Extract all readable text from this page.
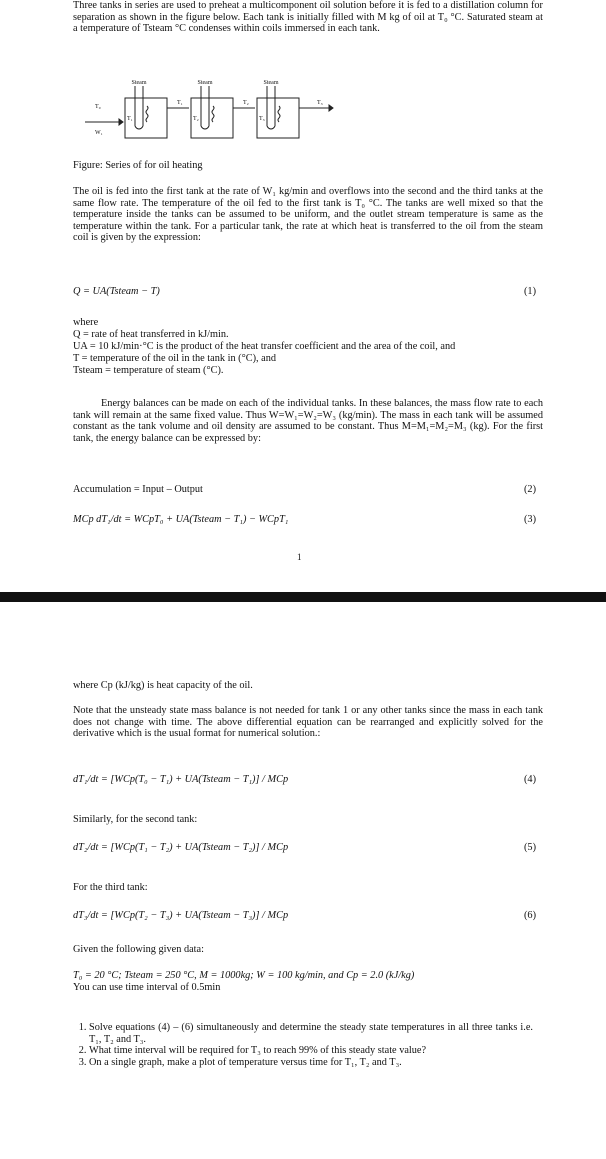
Three tanks in series are used to preheat a multicomponent oil solution before it is fed to a distillation column for separation as shown in the figure below. Each tank is initially filled with M kg of oil at T₀ °C. Saturated steam at a temperature of Tsteam °C condenses within coils immersed in each tank.
Steam	Steam	Steam
T₀
W₁
T₁
T₁
T₂
T₂
T₃
T₃
Figure: Series of for oil heating
The oil is fed into the first tank at the rate of W₁ kg/min and overflows into the second and the third tanks at the same flow rate. The temperature of the oil fed to the first tank is T₀ °C. The tanks are well mixed so that the temperature inside the tanks can be assumed to be uniform, and the outlet stream temperature is same as the temperature within the tank. For a particular tank, the rate at which heat is transferred to the oil from the steam coil is given by the expression:
Q = UA(Tsteam − T)	(1)
where
Q = rate of heat transferred in kJ/min.
UA = 10 kJ/min·°C is the product of the heat transfer coefficient and the area of the coil, and
T = temperature of the oil in the tank in (°C), and
Tsteam = temperature of steam (°C).
Energy balances can be made on each of the individual tanks. In these balances, the mass flow rate to each tank will remain at the same fixed value. Thus W=W₁=W₂=W₃ (kg/min). The mass in each tank will be assumed constant as the tank volume and oil density are assumed to be constant. Thus M=M₁=M₂=M₃ (kg). For the first tank, the energy balance can be expressed by:
Accumulation = Input – Output	(2)
MCp dT₁/dt = WCpT₀ + UA(Tsteam − T₁) − WCpT₁	(3)
1
where Cp (kJ/kg) is heat capacity of the oil.
Note that the unsteady state mass balance is not needed for tank 1 or any other tanks since the mass in each tank does not change with time. The above differential equation can be rearranged and explicitly solved for the derivative which is the usual format for numerical solution.:
dT₁/dt = [WCp(T₀ − T₁) + UA(Tsteam − T₁)] / MCp	(4)
Similarly, for the second tank:
dT₂/dt = [WCp(T₁ − T₂) + UA(Tsteam − T₂)] / MCp	(5)
For the third tank:
dT₃/dt = [WCp(T₂ − T₃) + UA(Tsteam − T₃)] / MCp	(6)
Given the following given data:
T₀ = 20 °C; Tsteam = 250 °C, M = 1000kg; W = 100 kg/min, and Cp = 2.0 (kJ/kg)
You can use time interval of 0.5min
1. Solve equations (4) – (6) simultaneously and determine the steady state temperatures in all three tanks i.e. T₁, T₂ and T₃.
2. What time interval will be required for T₃ to reach 99% of this steady state value?
3. On a single graph, make a plot of temperature versus time for T₁, T₂ and T₃.
